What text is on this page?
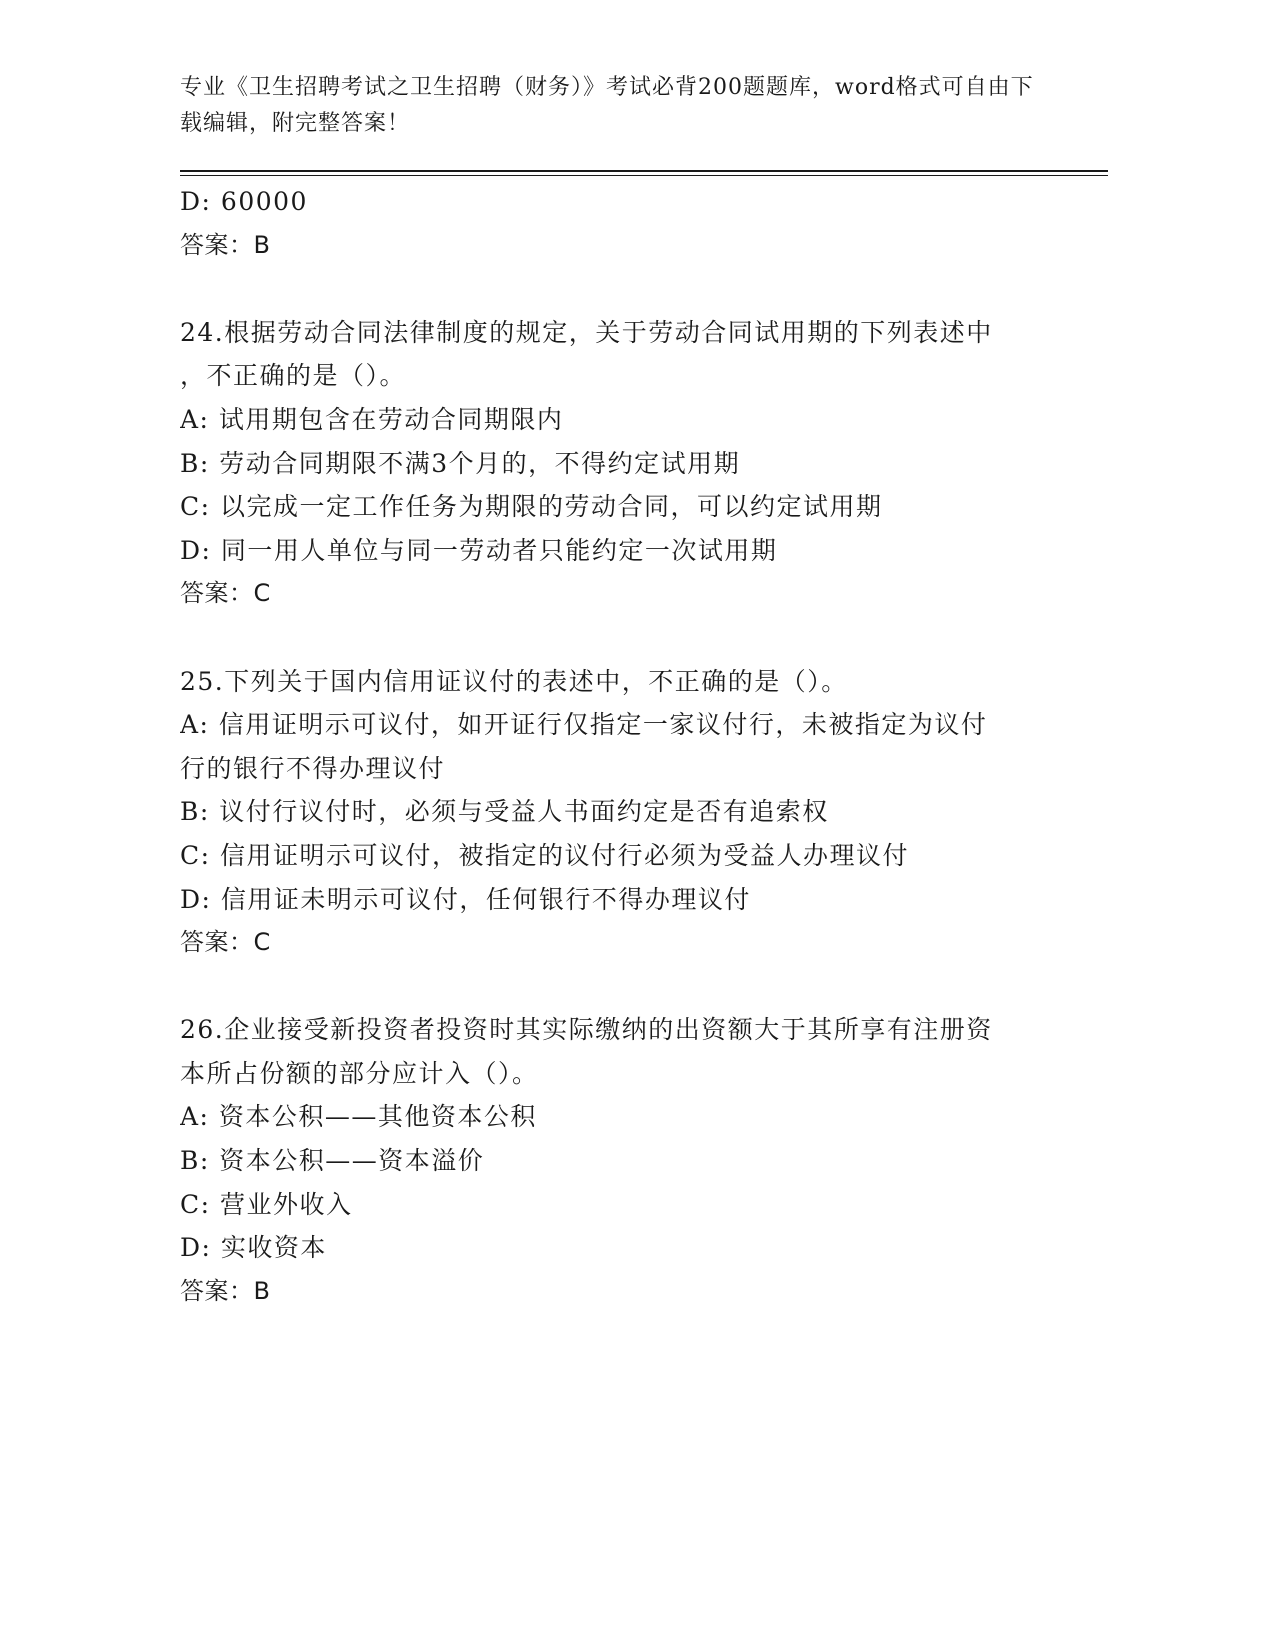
专业《卫生招聘考试之卫生招聘（财务）》考试必背200题题库，word格式可自由下载编辑，附完整答案！
D: 60000
答案：B
24.根据劳动合同法律制度的规定，关于劳动合同试用期的下列表述中
，不正确的是（）。
A: 试用期包含在劳动合同期限内
B: 劳动合同期限不满3个月的，不得约定试用期
C: 以完成一定工作任务为期限的劳动合同，可以约定试用期
D: 同一用人单位与同一劳动者只能约定一次试用期
答案：C
25.下列关于国内信用证议付的表述中，不正确的是（）。
A: 信用证明示可议付，如开证行仅指定一家议付行，未被指定为议付
行的银行不得办理议付
B: 议付行议付时，必须与受益人书面约定是否有追索权
C: 信用证明示可议付，被指定的议付行必须为受益人办理议付
D: 信用证未明示可议付，任何银行不得办理议付
答案：C
26.企业接受新投资者投资时其实际缴纳的出资额大于其所享有注册资
本所占份额的部分应计入（）。
A: 资本公积——其他资本公积
B: 资本公积——资本溢价
C: 营业外收入
D: 实收资本
答案：B
